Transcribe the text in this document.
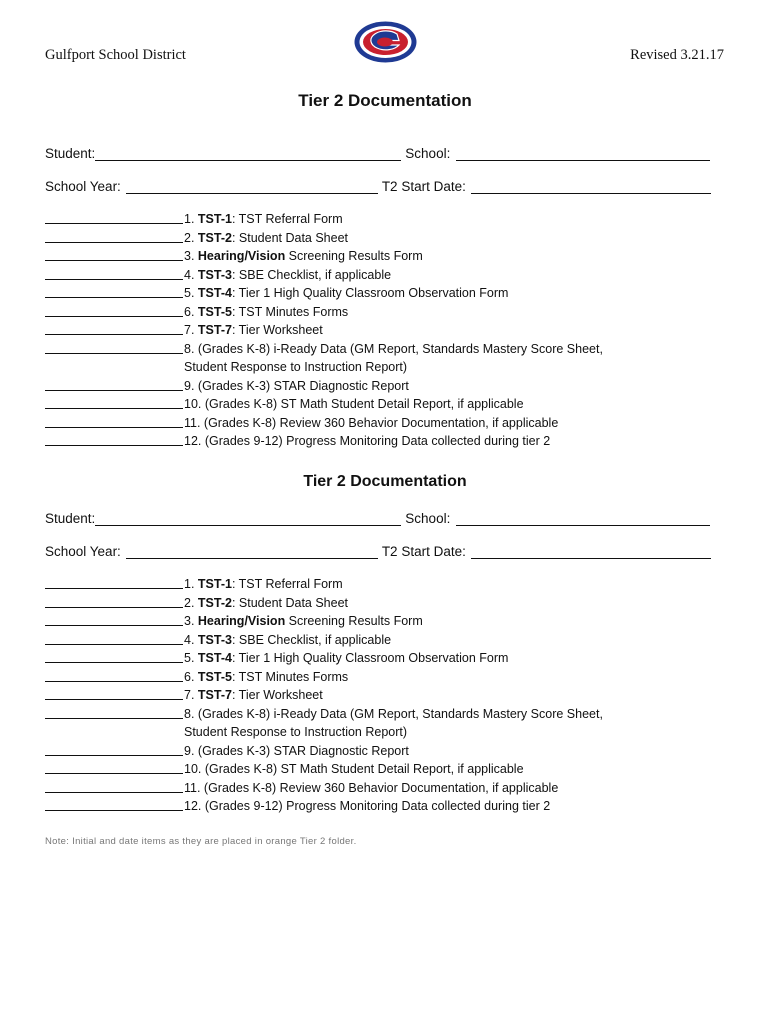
Gulfport School District	Revised 3.21.17
Tier 2 Documentation
Student:	School:
School Year:	T2 Start Date:
1. TST-1: TST Referral Form
2. TST-2: Student Data Sheet
3. Hearing/Vision Screening Results Form
4. TST-3: SBE Checklist, if applicable
5. TST-4: Tier 1 High Quality Classroom Observation Form
6. TST-5: TST Minutes Forms
7. TST-7: Tier Worksheet
8. (Grades K-8) i-Ready Data (GM Report, Standards Mastery Score Sheet,
Student Response to Instruction Report)
9. (Grades K-3) STAR Diagnostic Report
10. (Grades K-8) ST Math Student Detail Report, if applicable
11. (Grades K-8) Review 360 Behavior Documentation, if applicable
12. (Grades 9-12) Progress Monitoring Data collected during tier 2
Tier 2 Documentation
Student:	School:
School Year:	T2 Start Date:
1. TST-1: TST Referral Form
2. TST-2: Student Data Sheet
3. Hearing/Vision Screening Results Form
4. TST-3: SBE Checklist, if applicable
5. TST-4: Tier 1 High Quality Classroom Observation Form
6. TST-5: TST Minutes Forms
7. TST-7: Tier Worksheet
8. (Grades K-8) i-Ready Data (GM Report, Standards Mastery Score Sheet,
Student Response to Instruction Report)
9. (Grades K-3) STAR Diagnostic Report
10. (Grades K-8) ST Math Student Detail Report, if applicable
11. (Grades K-8) Review 360 Behavior Documentation, if applicable
12. (Grades 9-12) Progress Monitoring Data collected during tier 2
Note: Initial and date items as they are placed in orange Tier 2 folder.
